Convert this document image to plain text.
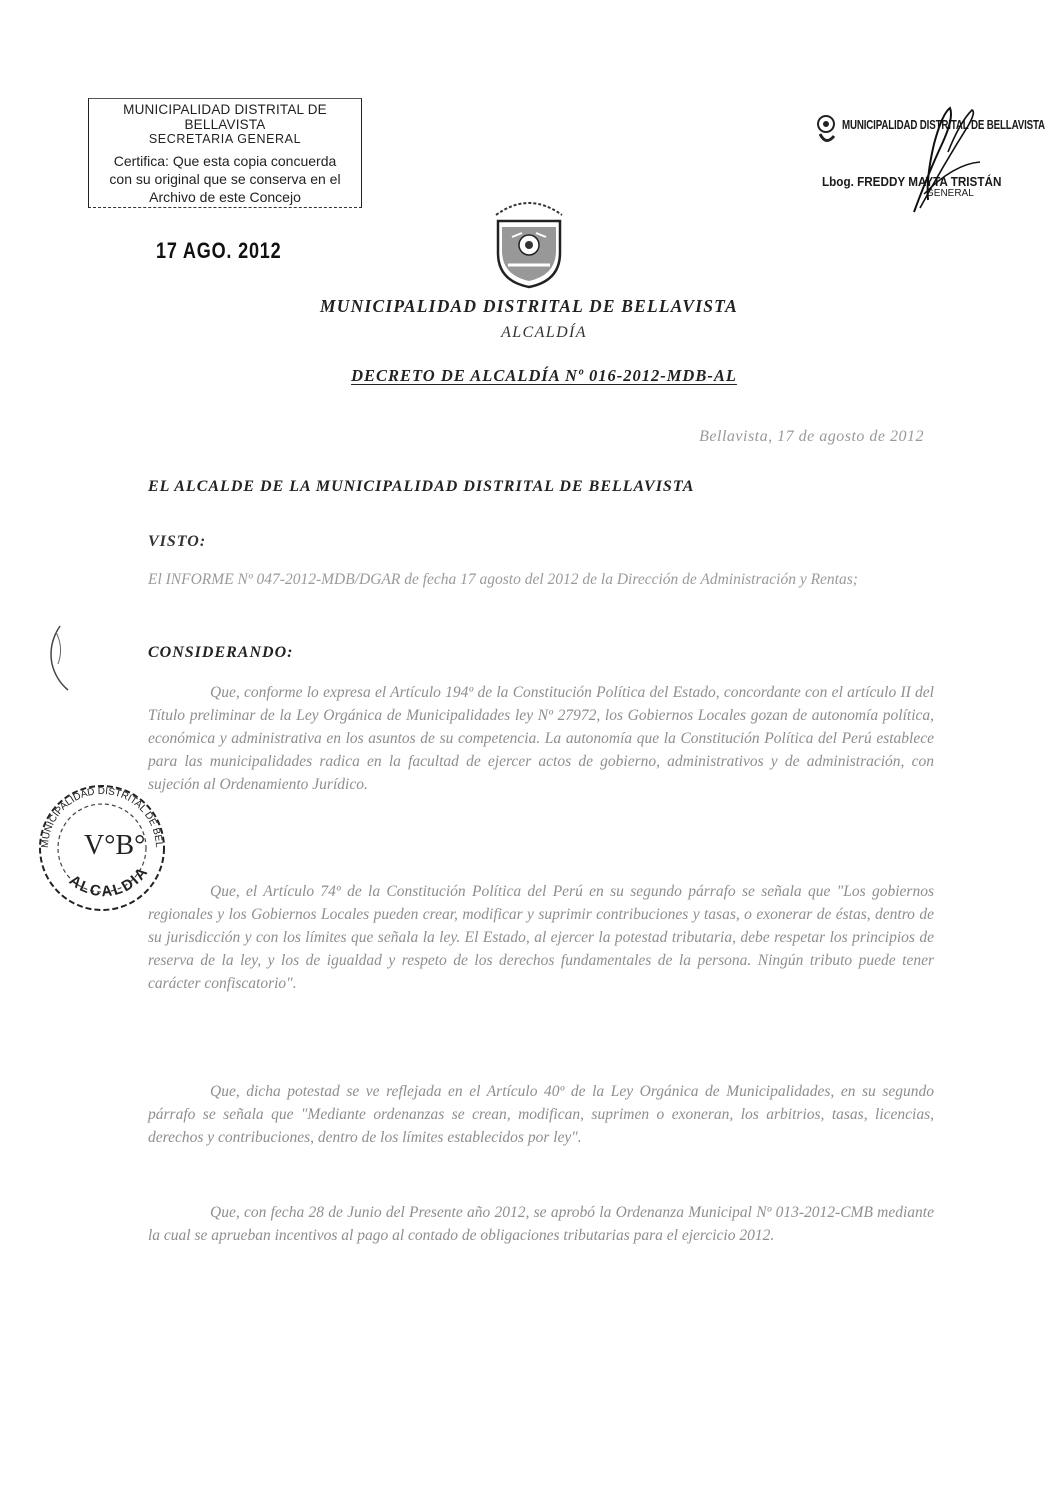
MUNICIPALIDAD DISTRITAL DE BELLAVISTA
SECRETARIA GENERAL
Certifica: Que esta copia concuerda
con su original que se conserva en el
Archivo de este Concejo
17 AGO. 2012
MUNICIPALIDAD DISTRITAL DE BELLAVISTA
Lbog. FREDDY MAYTA TRISTÁN
GENERAL
MUNICIPALIDAD DISTRITAL DE BELLAVISTA
ALCALDÍA
DECRETO DE ALCALDÍA Nº 016-2012-MDB-AL
Bellavista, 17 de agosto de 2012
EL ALCALDE DE LA MUNICIPALIDAD DISTRITAL DE BELLAVISTA
VISTO:
El INFORME Nº 047-2012-MDB/DGAR de fecha 17 agosto del 2012 de la Dirección de Administración y Rentas;
CONSIDERANDO:
Que, conforme lo expresa el Artículo 194º de la Constitución Política del Estado, concordante con el artículo II del Título preliminar de la Ley Orgánica de Municipalidades ley Nº 27972, los Gobiernos Locales gozan de autonomía política, económica y administrativa en los asuntos de su competencia. La autonomía que la Constitución Política del Perú establece para las municipalidades radica en la facultad de ejercer actos de gobierno, administrativos y de administración, con sujeción al Ordenamiento Jurídico.
Que, el Artículo 74º de la Constitución Política del Perú en su segundo párrafo se señala que "Los gobiernos regionales y los Gobiernos Locales pueden crear, modificar y suprimir contribuciones y tasas, o exonerar de éstas, dentro de su jurisdicción y con los límites que señala la ley. El Estado, al ejercer la potestad tributaria, debe respetar los principios de reserva de la ley, y los de igualdad y respeto de los derechos fundamentales de la persona. Ningún tributo puede tener carácter confiscatorio".
Que, dicha potestad se ve reflejada en el Artículo 40º de la Ley Orgánica de Municipalidades, en su segundo párrafo se señala que "Mediante ordenanzas se crean, modifican, suprimen o exoneran, los arbitrios, tasas, licencias, derechos y contribuciones, dentro de los límites establecidos por ley".
Que, con fecha 28 de Junio del Presente año 2012, se aprobó la Ordenanza Municipal Nº 013-2012-CMB mediante la cual se aprueban incentivos al pago al contado de obligaciones tributarias para el ejercicio 2012.
MUNICIPALIDAD DISTRITAL DE BEL
V°B°
ALCALDIA
